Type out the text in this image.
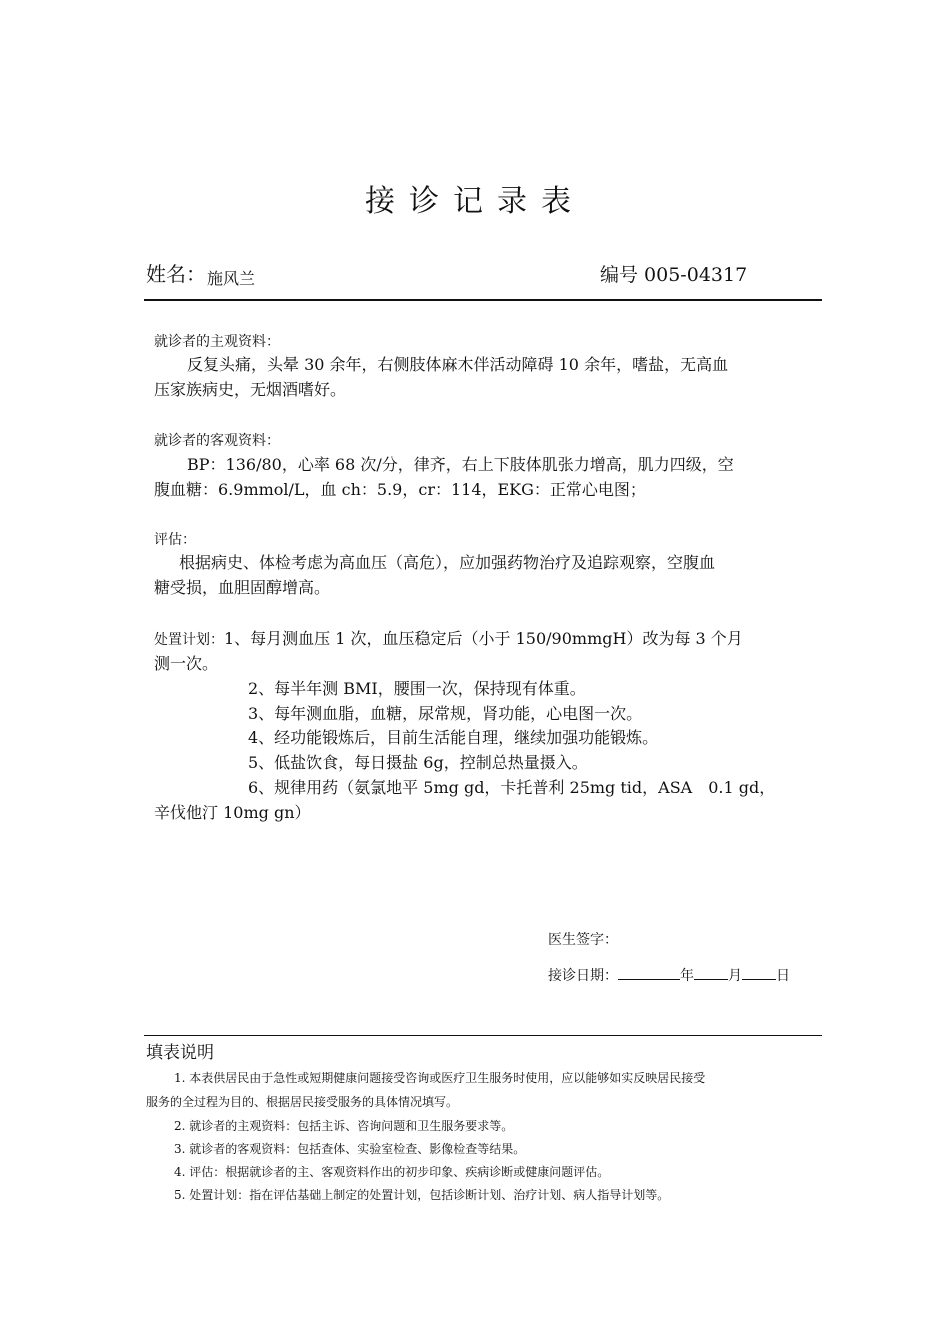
接诊记录表
姓名： 施风兰	编号 005-04317
就诊者的主观资料：
反复头痛，头晕 30 余年，右侧肢体麻木伴活动障碍 10 余年，嗜盐，无高血
压家族病史，无烟酒嗜好。
就诊者的客观资料：
BP：136/80，心率 68 次/分，律齐，右上下肢体肌张力增高，肌力四级，空
腹血糖：6.9mmol/L，血 ch：5.9，cr：114，EKG：正常心电图；
评估：
根据病史、体检考虑为高血压（高危），应加强药物治疗及追踪观察，空腹血
糖受损，血胆固醇增高。
处置计划：1、每月测血压 1 次，血压稳定后（小于 150/90mmgH）改为每 3 个月
测一次。
2、每半年测 BMI，腰围一次，保持现有体重。
3、每年测血脂，血糖，尿常规，肾功能，心电图一次。
4、经功能锻炼后，目前生活能自理，继续加强功能锻炼。
5、低盐饮食，每日摄盐 6g，控制总热量摄入。
6、规律用药（氨氯地平 5mg gd，卡托普利 25mg tid，ASA　0.1 gd，
辛伐他汀 10mg gn）
医生签字：
接诊日期：	年 月 日
填表说明
1. 本表供居民由于急性或短期健康问题接受咨询或医疗卫生服务时使用，应以能够如实反映居民接受
服务的全过程为目的、根据居民接受服务的具体情况填写。
2. 就诊者的主观资料：包括主诉、咨询问题和卫生服务要求等。
3. 就诊者的客观资料：包括查体、实验室检查、影像检查等结果。
4. 评估：根据就诊者的主、客观资料作出的初步印象、疾病诊断或健康问题评估。
5. 处置计划：指在评估基础上制定的处置计划，包括诊断计划、治疗计划、病人指导计划等。
